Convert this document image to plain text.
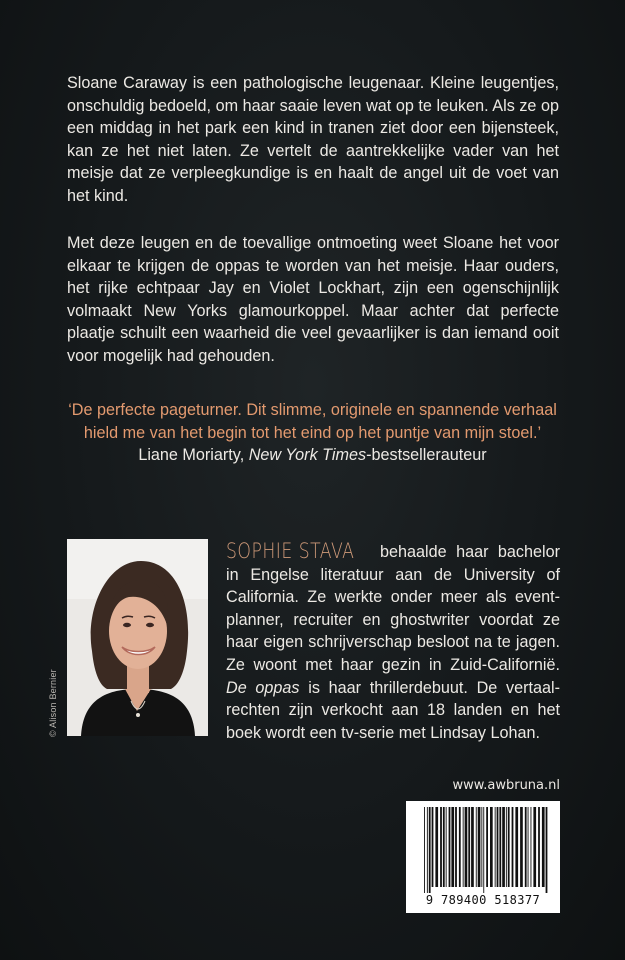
Sloane Caraway is een pathologische leugenaar. Kleine leugentjes, onschuldig bedoeld, om haar saaie leven wat op te leuken. Als ze op een middag in het park een kind in tranen ziet door een bijensteek, kan ze het niet laten. Ze vertelt de aantrekkelijke vader van het meisje dat ze verpleegkundige is en haalt de angel uit de voet van het kind.

Met deze leugen en de toevallige ontmoeting weet Sloane het voor elkaar te krijgen de oppas te worden van het meisje. Haar ouders, het rijke echtpaar Jay en Violet Lockhart, zijn een ogenschijnlijk volmaakt New Yorks glamourkoppel. Maar achter dat perfecte plaatje schuilt een waarheid die veel gevaarlijker is dan iemand ooit voor mogelijk had gehouden.

‘De perfecte pageturner. Dit slimme, originele en spannende verhaal hield me van het begin tot het eind op het puntje van mijn stoel.’
Liane Moriarty, New York Times-bestsellerauteur
© Alison Bernier
SOPHIE STAVA behaalde haar bachelor in Engelse literatuur aan de University of California. Ze werkte onder meer als eventplanner, recruiter en ghostwriter voordat ze haar eigen schrijverschap besloot na te jagen. Ze woont met haar gezin in Zuid-Californië. De oppas is haar thrillerdebuut. De vertaalrechten zijn verkocht aan 18 landen en het boek wordt een tv-serie met Lindsay Lohan.
www.awbruna.nl
9 789400 518377
